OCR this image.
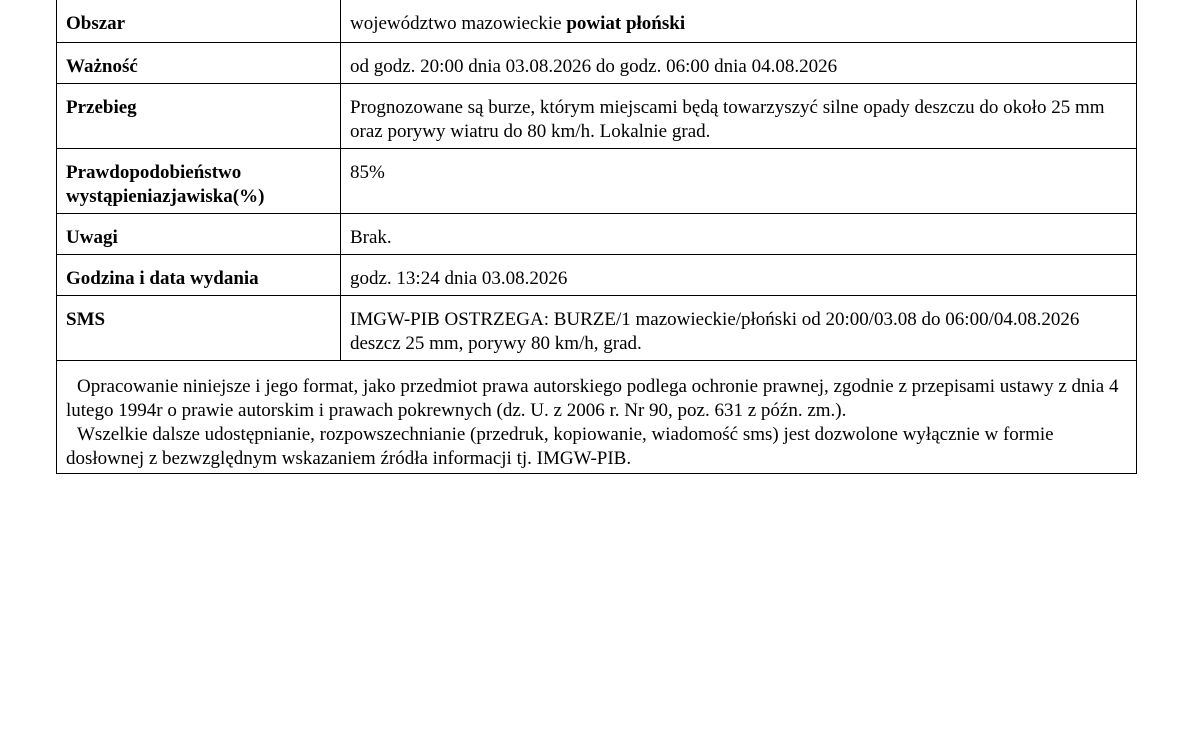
Obszar	województwo mazowieckie powiat płoński
Ważność	od godz. 20:00 dnia 03.08.2026 do godz. 06:00 dnia 04.08.2026
Przebieg	Prognozowane są burze, którym miejscami będą towarzyszyć silne opady deszczu do około 25 mm oraz porywy wiatru do 80 km/h. Lokalnie grad.
Prawdopodobieństwo
wystąpieniazjawiska(%)	85%
Uwagi	Brak.
Godzina i data wydania	godz. 13:24 dnia 03.08.2026
SMS	IMGW-PIB OSTRZEGA: BURZE/1 mazowieckie/płoński od 20:00/03.08 do 06:00/04.08.2026
deszcz 25 mm, porywy 80 km/h, grad.

Opracowanie niniejsze i jego format, jako przedmiot prawa autorskiego podlega ochronie prawnej, zgodnie z przepisami ustawy z dnia 4 lutego 1994r o prawie autorskim i prawach pokrewnych (dz. U. z 2006 r. Nr 90, poz. 631 z późn. zm.).

Wszelkie dalsze udostępnianie, rozpowszechnianie (przedruk, kopiowanie, wiadomość sms) jest dozwolone wyłącznie w formie dosłownej z bezwzględnym wskazaniem źródła informacji tj. IMGW-PIB.	
